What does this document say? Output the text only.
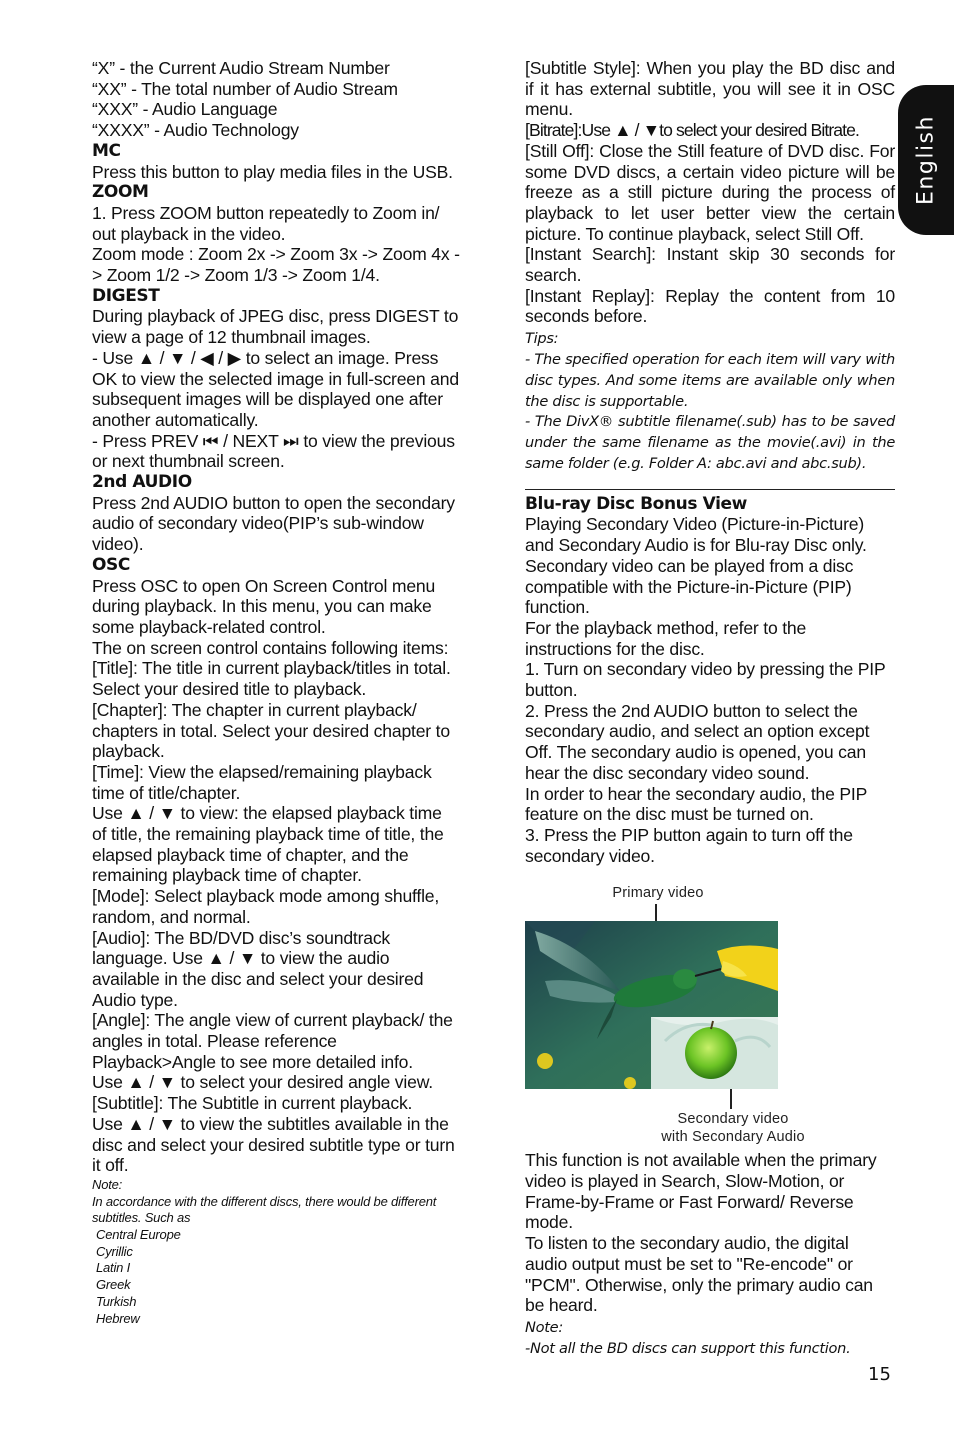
English

“X” - the Current Audio Stream Number

“XX” - The total number of Audio Stream

“XXX” - Audio Language

“XXXX” - Audio Technology

MC

Press this button to play media files in the USB.

ZOOM

1. Press ZOOM button repeatedly to Zoom in/ out playback in the video.

Zoom mode : Zoom 2x -> Zoom 3x -> Zoom 4x -> Zoom 1/2 -> Zoom 1/3 -> Zoom 1/4.

DIGEST

During playback of JPEG disc, press DIGEST to view a page of 12 thumbnail images.

- Use ▲ / ▼ / ◀ / ▶ to select an image. Press OK to view the selected image in full-screen and subsequent images will be displayed one after another automatically.

- Press PREV ⏮ / NEXT ⏭ to view the previous or next thumbnail screen.

2nd AUDIO

Press 2nd AUDIO button to open the secondary audio of secondary video(PIP’s sub-window video).

OSC

Press OSC to open On Screen Control menu during playback. In this menu, you can make some playback-related control.

The on screen control contains following items:

[Title]: The title in current playback/titles in total. Select your desired title to playback.

[Chapter]: The chapter in current playback/ chapters in total. Select your desired chapter to playback.

[Time]: View the elapsed/remaining playback time of title/chapter.

Use ▲ / ▼ to view: the elapsed playback time of title, the remaining playback time of title, the elapsed playback time of chapter, and the remaining playback time of chapter.

[Mode]: Select playback mode among shuffle, random, and normal.

[Audio]: The BD/DVD disc’s soundtrack language. Use ▲ / ▼ to view the audio available in the disc and select your desired Audio type.

[Angle]: The angle view of current playback/ the angles in total. Please reference Playback>Angle to see more detailed info.

Use ▲ / ▼ to select your desired angle view.

[Subtitle]: The Subtitle in current playback.

Use ▲ / ▼ to view the subtitles available in the disc and select your desired subtitle type or turn it off.

Note:

In accordance with the different discs, there would be different subtitles. Such as

Central Europe

Cyrillic

Latin I

Greek

Turkish

Hebrew

[Subtitle Style]: When you play the BD disc and if it has external subtitle, you will see it in OSC menu.

[Bitrate]:Use ▲ / ▼to select your desired Bitrate.

[Still Off]: Close the Still feature of DVD disc. For some DVD discs, a certain video picture will be freeze as a still picture during the process of playback to let user better view the certain picture. To continue playback, select Still Off.

[Instant Search]: Instant skip 30 seconds for search.

[Instant Replay]: Replay the content from 10 seconds before.

Tips:

- The specified operation for each item will vary with disc types. And some items are available only when the disc is supportable.

- The DivX® subtitle filename(.sub) has to be saved under the same filename as the movie(.avi) in the same folder (e.g. Folder A: abc.avi and abc.sub).

Blu-ray Disc Bonus View

Playing Secondary Video (Picture-in-Picture) and Secondary Audio is for Blu-ray Disc only. Secondary video can be played from a disc compatible with the Picture-in-Picture (PIP) function.

For the playback method, refer to the instructions for the disc.

1. Turn on secondary video by pressing the PIP button.

2. Press the 2nd AUDIO button to select the secondary audio, and select an option except Off. The secondary audio is opened, you can hear the disc secondary video sound.

In order to hear the secondary audio, the PIP feature on the disc must be turned on.

3. Press the PIP button again to turn off the secondary video.

Primary video
Secondary video
with Secondary Audio

This function is not available when the primary video is played in Search, Slow-Motion, or Frame-by-Frame or Fast Forward/ Reverse mode.

To listen to the secondary audio, the digital audio output must be set to "Re-encode" or "PCM". Otherwise, only the primary audio can be heard.

Note:

-Not all the BD discs can support this function.

15
